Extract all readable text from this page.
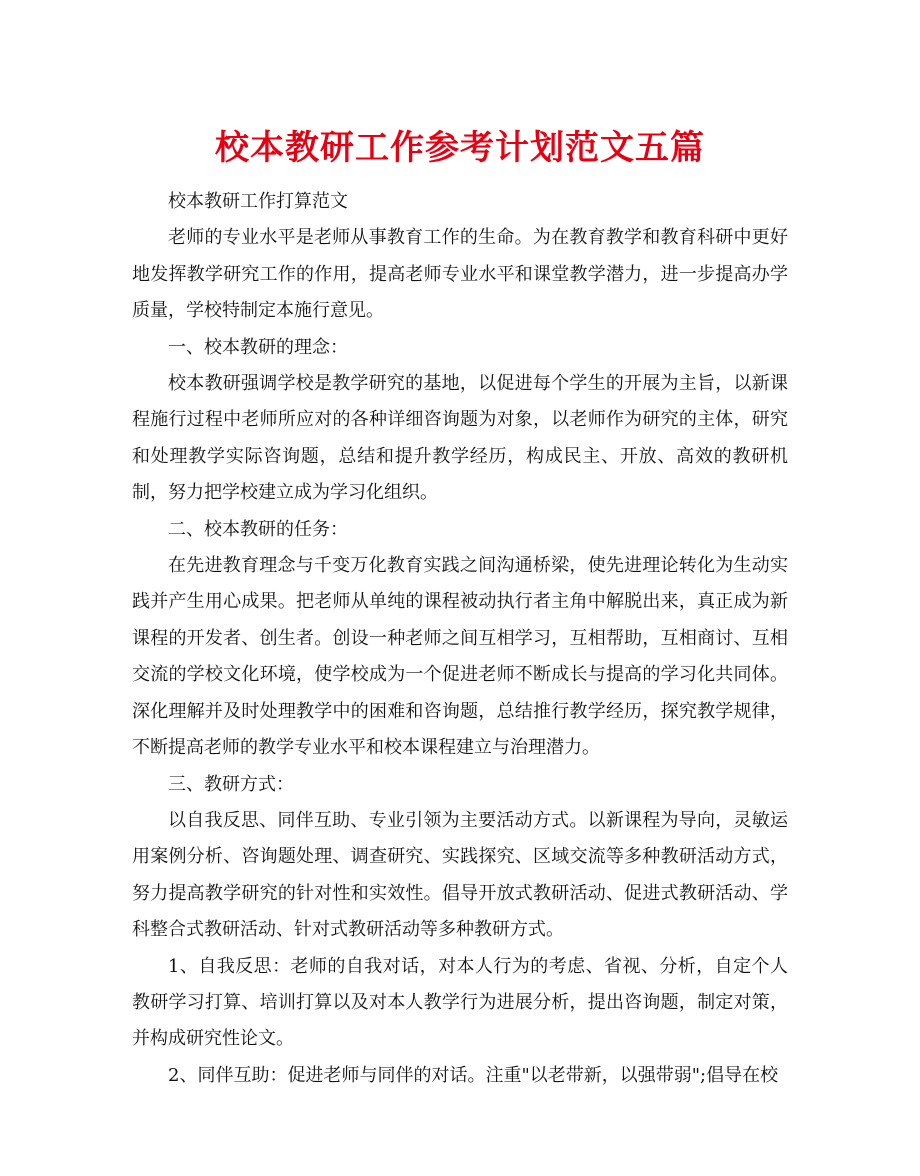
校本教研工作参考计划范文五篇

校本教研工作打算范文

老师的专业水平是老师从事教育工作的生命。为在教育教学和教育科研中更好地发挥教学研究工作的作用，提高老师专业水平和课堂教学潜力，进一步提高办学质量，学校特制定本施行意见。

一、校本教研的理念：

校本教研强调学校是教学研究的基地，以促进每个学生的开展为主旨，以新课程施行过程中老师所应对的各种详细咨询题为对象，以老师作为研究的主体，研究和处理教学实际咨询题，总结和提升教学经历，构成民主、开放、高效的教研机制，努力把学校建立成为学习化组织。

二、校本教研的任务：

在先进教育理念与千变万化教育实践之间沟通桥梁，使先进理论转化为生动实践并产生用心成果。把老师从单纯的课程被动执行者主角中解脱出来，真正成为新课程的开发者、创生者。创设一种老师之间互相学习，互相帮助，互相商讨、互相交流的学校文化环境，使学校成为一个促进老师不断成长与提高的学习化共同体。深化理解并及时处理教学中的困难和咨询题，总结推行教学经历，探究教学规律，不断提高老师的教学专业水平和校本课程建立与治理潜力。

三、教研方式：

以自我反思、同伴互助、专业引领为主要活动方式。以新课程为导向，灵敏运用案例分析、咨询题处理、调查研究、实践探究、区域交流等多种教研活动方式，努力提高教学研究的针对性和实效性。倡导开放式教研活动、促进式教研活动、学科整合式教研活动、针对式教研活动等多种教研方式。

1、自我反思：老师的自我对话，对本人行为的考虑、省视、分析，自定个人教研学习打算、培训打算以及对本人教学行为进展分析，提出咨询题，制定对策，并构成研究性论文。

2、同伴互助：促进老师与同伴的对话。注重"以老带新，以强带弱";倡导在校
